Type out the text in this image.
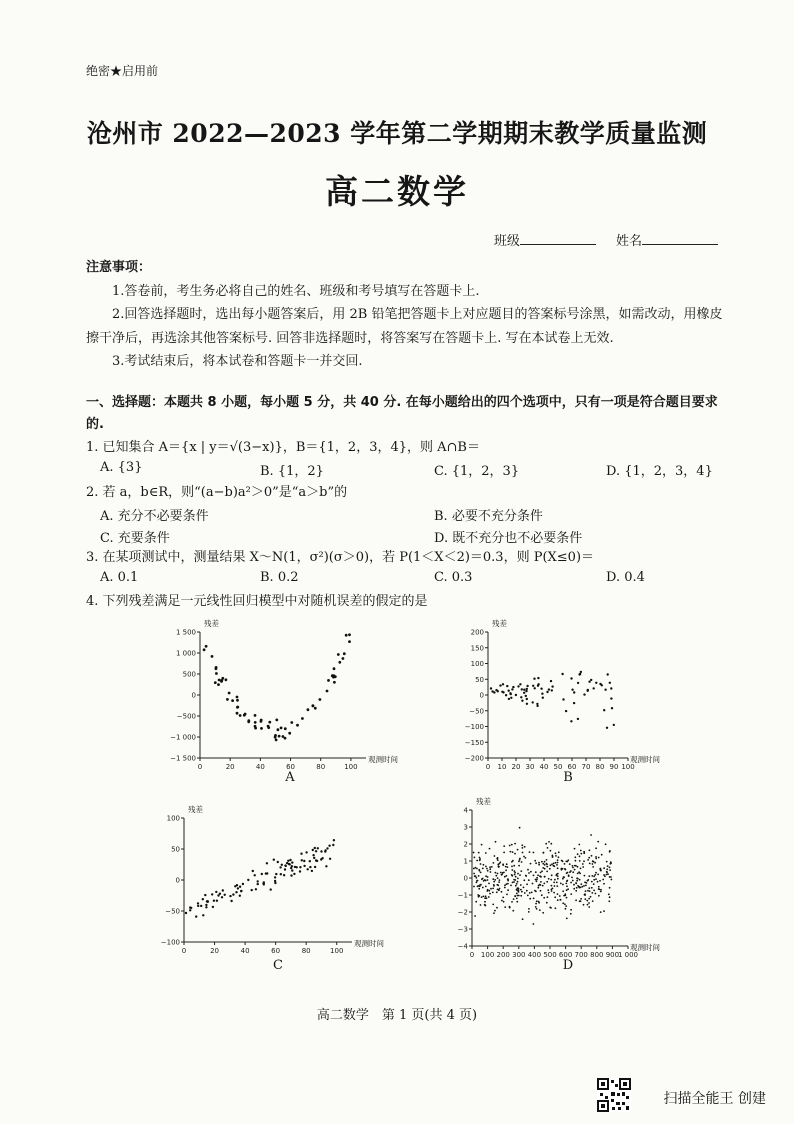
绝密★启用前
沧州市 2022—2023 学年第二学期期末教学质量监测
高二数学
班级	姓名
注意事项：

1.答卷前，考生务必将自己的姓名、班级和考号填写在答题卡上.

2.回答选择题时，选出每小题答案后，用 2B 铅笔把答题卡上对应题目的答案标号涂黑，如需改动，用橡皮擦干净后，再选涂其他答案标号. 回答非选择题时，将答案写在答题卡上. 写在本试卷上无效.

3.考试结束后，将本试卷和答题卡一并交回.

一、选择题：本题共 8 小题，每小题 5 分，共 40 分. 在每小题给出的四个选项中，只有一项是符合题目要求的.
1. 已知集合 A＝{x | y＝√(3−x)}，B＝{1，2，3，4}，则 A∩B＝
A. {3}	B. {1，2}	C. {1，2，3}	D. {1，2，3，4}
2. 若 a，b∈R，则“(a−b)a²＞0”是“a＞b”的
A. 充分不必要条件	B. 必要不充分条件
C. 充要条件	D. 既不充分也不必要条件
3. 在某项测试中，测量结果 X～N(1，σ²)(σ＞0)，若 P(1＜X＜2)＝0.3，则 P(X≤0)＝
A. 0.1	B. 0.2	C. 0.3	D. 0.4
4. 下列残差满足一元线性回归模型中对随机误差的假定的是
1 500
1 000
500
0
−500
−1 000
−1 500
0	20	40	60	80	100
残差
观测时间
200
150
100
50
0
−50
−100
−150
−200
0 10 20 30 40 50 60 70 80 90 100
残差
观测时间
100
50
0
−50
−100
0	20	40	60	80	100
残差
观测时间
4
3
2
1
0
−1
−2
−3
−4
0 100 200 300 400 500 600 700 800 900
1 000
残差
观测时间
A	B
C	D
高二数学　第 1 页(共 4 页)
扫描全能王 创建
